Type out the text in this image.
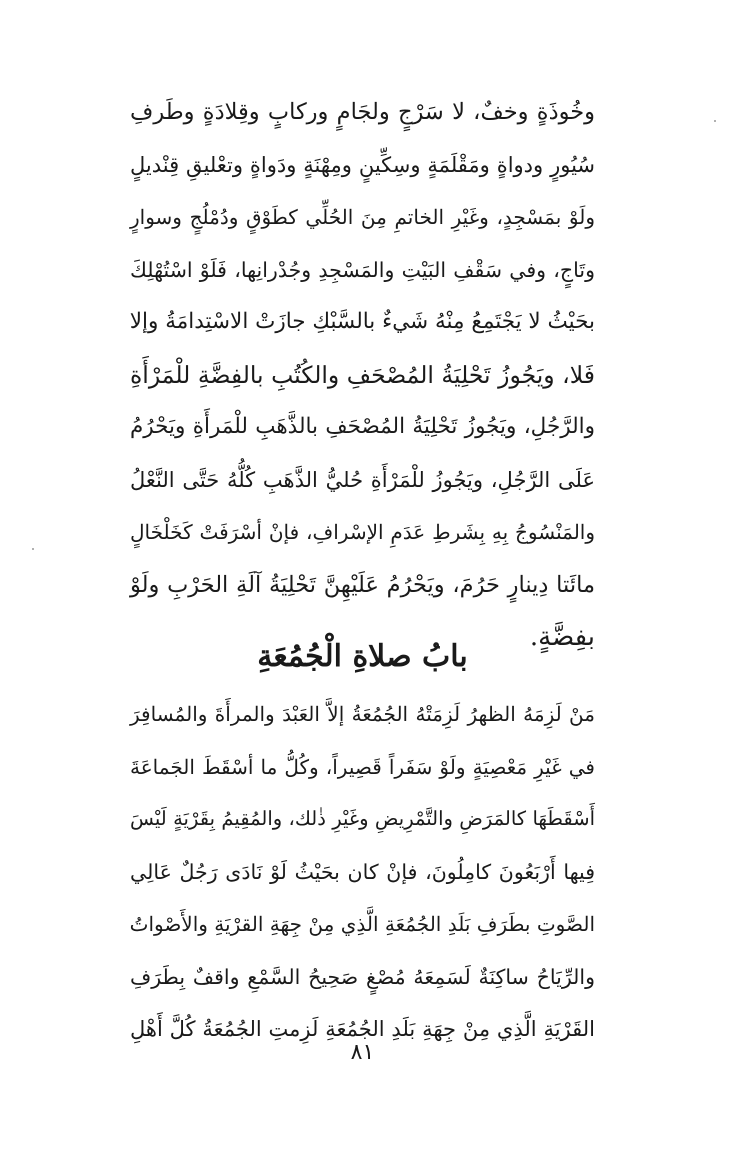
وخُوذَةٍ وخفٌ، لا سَرْجٍ ولجَامٍ وركابٍ وقِلادَةٍ وطَرفِ
سُيُورٍ ودواةٍ ومَقْلَمَةٍ وسِكِّينٍ ومِهْنَةٍ ودَواةٍ وتعْليقِ قِنْديلٍ
ولَوْ بمَسْجِدٍ، وغَيْرِ الخاتمِ مِنَ الحُلِّي كطَوْقٍ ودُمْلُجٍ وسوارٍ
وتَاجٍ، وفي سَقْفِ البَيْتِ والمَسْجِدِ وجُدْرانِها، فَلَوْ اسْتُهْلِكَ
بحَيْثُ لا يَجْتَمِعُ مِنْهُ شَيءٌ بالسَّبْكِ جازَتْ الاسْتِدامَةُ وإلا
فَلا، ويَجُوزُ تَحْلِيَةُ المُصْحَفِ والكُتُبِ بالفِضَّةِ للْمَرْأَةِ
والرَّجُلِ، ويَجُوزُ تَحْلِيَةُ المُصْحَفِ بالذَّهَبِ للْمَرأَةِ ويَحْرُمُ
عَلَى الرَّجُلِ، ويَجُوزُ للْمَرْأَةِ حُليُّ الذَّهَبِ كُلُّهُ حَتَّى النَّعْلُ
والمَنْسُوجُ بِهِ بِشَرطِ عَدَمِ الإسْرافِ، فإنْ أسْرَفَتْ كَخَلْخَالٍ
مائَتا دِينارٍ حَرُمَ، ويَحْرُمُ عَلَيْهِنَّ تَحْلِيَةُ آلَةِ الحَرْبِ ولَوْ
بفِضَّةٍ.
بابُ صلاةِ الْجُمُعَةِ
مَنْ لَزِمَهُ الظهرُ لَزِمَتْهُ الجُمُعَةُ إلاَّ العَبْدَ والمرأَةَ والمُسافِرَ
في غَيْرِ مَعْصِيَةٍ ولَوْ سَفَراً قَصِيراً، وكُلُّ ما أسْقَطَ الجَماعَةَ
أَسْقَطَهَا كالمَرَضِ والتَّمْرِيضِ وغَيْرِ ذٰلك، والمُقِيمُ بِقَرْيَةٍ لَيْسَ
فِيها أَرْبَعُونَ كامِلُونَ، فإنْ كان بحَيْثُ لَوْ نَادَى رَجُلٌ عَالِي
الصَّوتِ بطَرَفِ بَلَدِ الجُمُعَةِ الَّذِي مِنْ جِهَةِ القرْيَةِ والأَصْواتُ
والرِّيَاحُ ساكِنَةٌ لَسَمِعَهُ مُصْغٍ صَحِيحُ السَّمْعِ واقفٌ بِطَرَفِ
القَرْيَةِ الَّذِي مِنْ جِهَةِ بَلَدِ الجُمُعَةِ لَزِمتِ الجُمُعَةُ كُلَّ أَهْلِ
٨١
